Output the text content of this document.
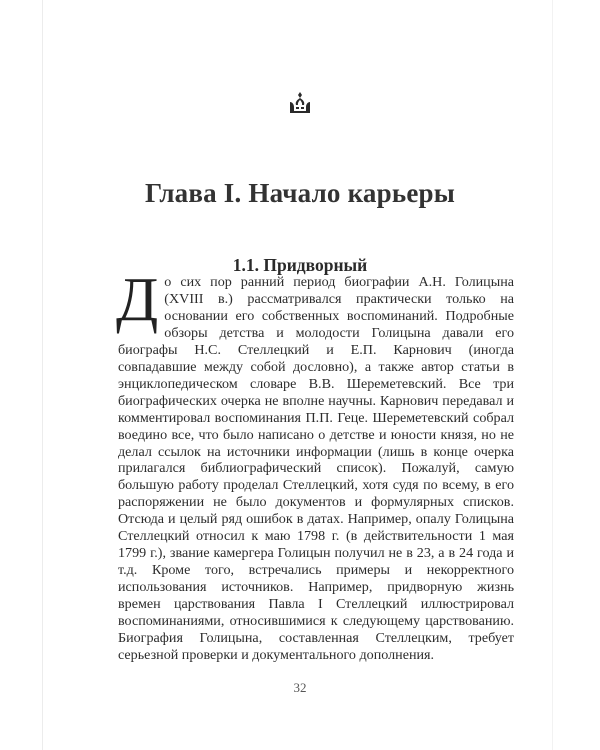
Глава I. Начало карьеры
1.1. Придворный
Д о сих пор ранний период биографии А.Н. Голицына (XVIII в.) рассматривался практически только на основании его собственных воспоминаний. Подробные обзоры детства и молодости Голицына давали его биографы Н.С. Стеллецкий и Е.П. Карнович (иногда совпадавшие между собой дословно), а также автор статьи в энциклопедическом словаре В.В. Шереметевский. Все три биографических очерка не вполне научны. Карнович передавал и комментировал воспоминания П.П. Гецe. Шереметевский собрал воедино все, что было написано о детстве и юности князя, но не делал ссылок на источники информации (лишь в конце очерка прилагался библиографический список). Пожалуй, самую большую работу проделал Стеллецкий, хотя судя по всему, в его распоряжении не было документов и формулярных списков. Отсюда и целый ряд ошибок в датах. Например, опалу Голицына Стеллецкий относил к маю 1798 г. (в действительности 1 мая 1799 г.), звание камергера Голицын получил не в 23, а в 24 года и т.д. Кроме того, встречались примеры и некорректного использования источников. Например, придворную жизнь времен царствования Павла I Стеллецкий иллюстрировал воспоминаниями, относившимися к следующему царствованию. Биография Голицына, составленная Стеллецким, требует серьезной проверки и документального дополнения.
32
